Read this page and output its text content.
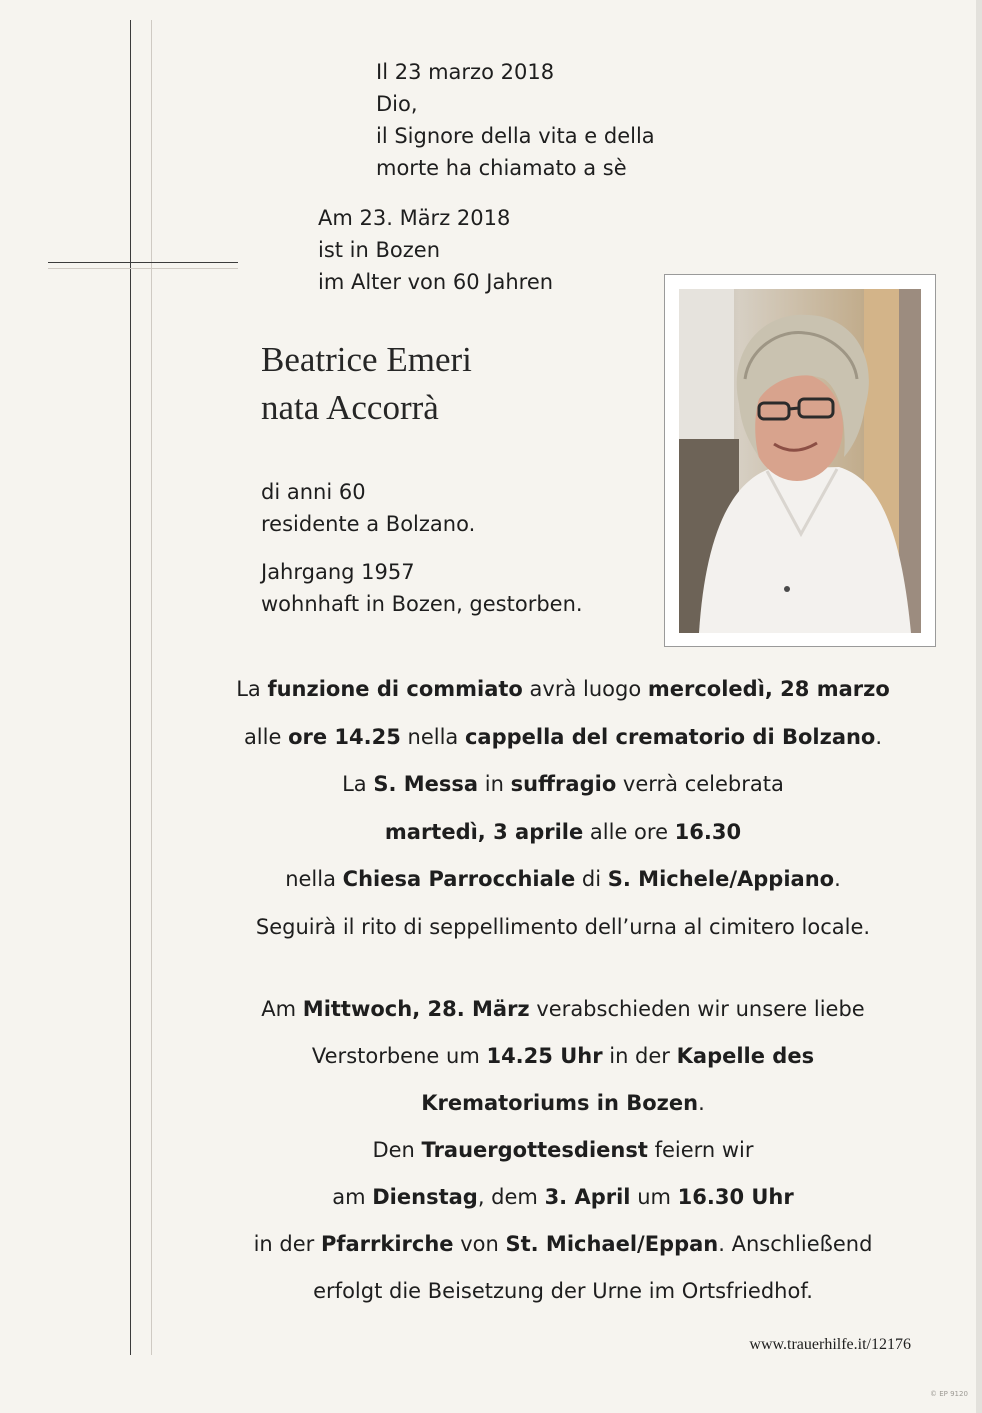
Il 23 marzo 2018
Dio,
il Signore della vita e della
morte ha chiamato a sè
Am 23. März 2018
ist in Bozen
im Alter von 60 Jahren
Beatrice Emeri
nata Accorrà
di anni 60
residente a Bolzano.
Jahrgang 1957
wohnhaft in Bozen, gestorben.
La funzione di commiato avrà luogo mercoledì, 28 marzo
alle ore 14.25 nella cappella del crematorio di Bolzano.
La S. Messa in suffragio verrà celebrata
martedì, 3 aprile alle ore 16.30
nella Chiesa Parrocchiale di S. Michele/Appiano.
Seguirà il rito di seppellimento dell’urna al cimitero locale.
Am Mittwoch, 28. März verabschieden wir unsere liebe
Verstorbene um 14.25 Uhr in der Kapelle des
Krematoriums in Bozen.
Den Trauergottesdienst feiern wir
am Dienstag, dem 3. April um 16.30 Uhr
in der Pfarrkirche von St. Michael/Eppan. Anschließend
erfolgt die Beisetzung der Urne im Ortsfriedhof.
www.trauerhilfe.it/12176
© EP 9120
